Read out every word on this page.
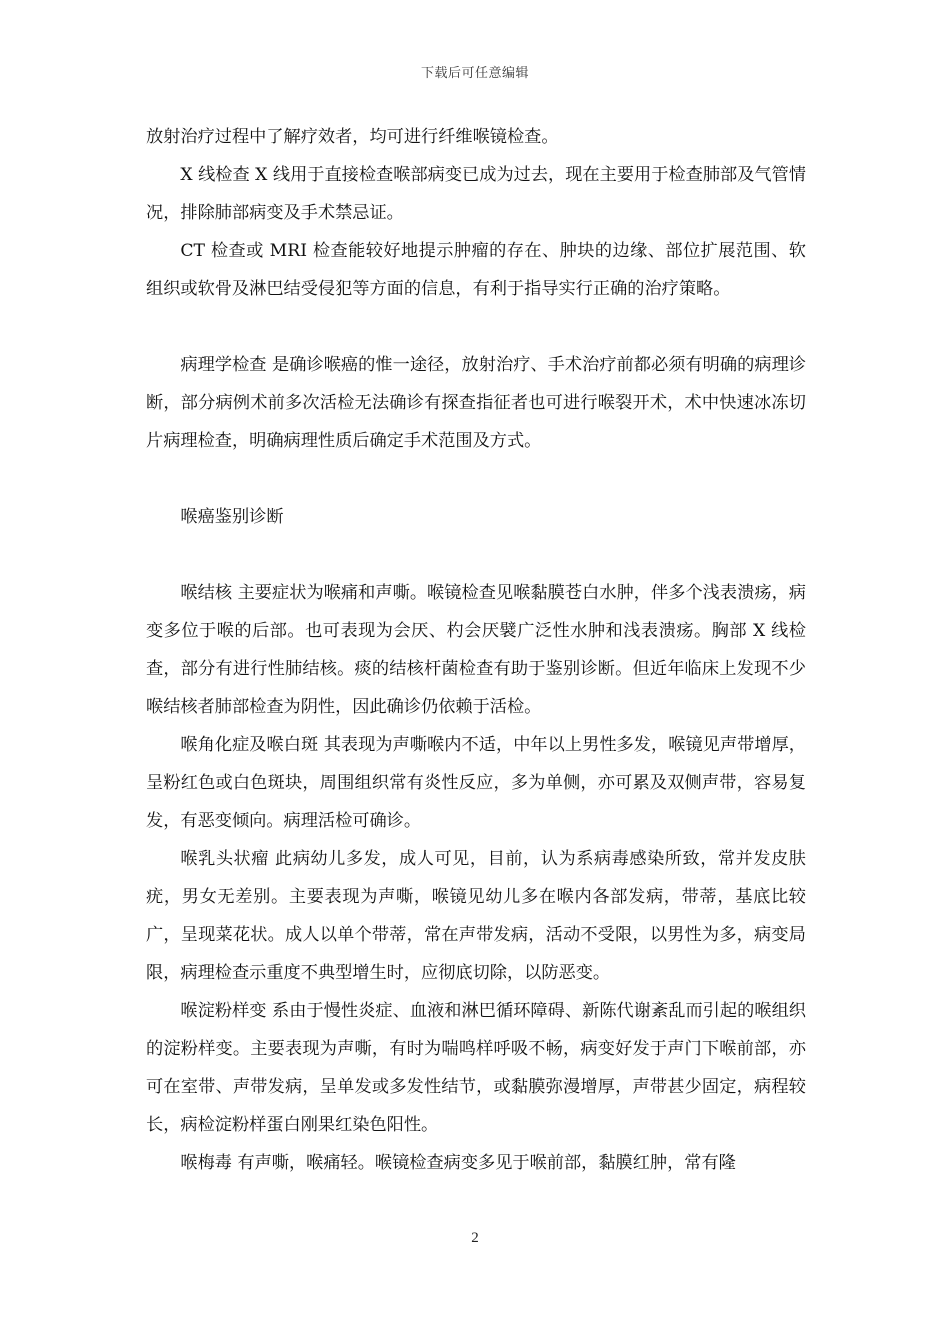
下载后可任意编辑

放射治疗过程中了解疗效者，均可进行纤维喉镜检查。

X 线检查 X 线用于直接检查喉部病变已成为过去，现在主要用于检查肺部及气管情况，排除肺部病变及手术禁忌证。

CT 检查或 MRI 检查能较好地提示肿瘤的存在、肿块的边缘、部位扩展范围、软组织或软骨及淋巴结受侵犯等方面的信息，有利于指导实行正确的治疗策略。

病理学检查 是确诊喉癌的惟一途径，放射治疗、手术治疗前都必须有明确的病理诊断，部分病例术前多次活检无法确诊有探查指征者也可进行喉裂开术，术中快速冰冻切片病理检查，明确病理性质后确定手术范围及方式。

喉癌鉴别诊断

喉结核 主要症状为喉痛和声嘶。喉镜检查见喉黏膜苍白水肿，伴多个浅表溃疡，病变多位于喉的后部。也可表现为会厌、杓会厌襞广泛性水肿和浅表溃疡。胸部 X 线检查，部分有进行性肺结核。痰的结核杆菌检查有助于鉴别诊断。但近年临床上发现不少喉结核者肺部检查为阴性，因此确诊仍依赖于活检。

喉角化症及喉白斑 其表现为声嘶喉内不适，中年以上男性多发，喉镜见声带增厚，呈粉红色或白色斑块，周围组织常有炎性反应，多为单侧，亦可累及双侧声带，容易复发，有恶变倾向。病理活检可确诊。

喉乳头状瘤 此病幼儿多发，成人可见，目前，认为系病毒感染所致，常并发皮肤疣，男女无差别。主要表现为声嘶，喉镜见幼儿多在喉内各部发病，带蒂，基底比较广，呈现菜花状。成人以单个带蒂，常在声带发病，活动不受限，以男性为多，病变局限，病理检查示重度不典型增生时，应彻底切除，以防恶变。

喉淀粉样变 系由于慢性炎症、血液和淋巴循环障碍、新陈代谢紊乱而引起的喉组织的淀粉样变。主要表现为声嘶，有时为喘鸣样呼吸不畅，病变好发于声门下喉前部，亦可在室带、声带发病，呈单发或多发性结节，或黏膜弥漫增厚，声带甚少固定，病程较长，病检淀粉样蛋白刚果红染色阳性。

喉梅毒 有声嘶，喉痛轻。喉镜检查病变多见于喉前部，黏膜红肿，常有隆

2
